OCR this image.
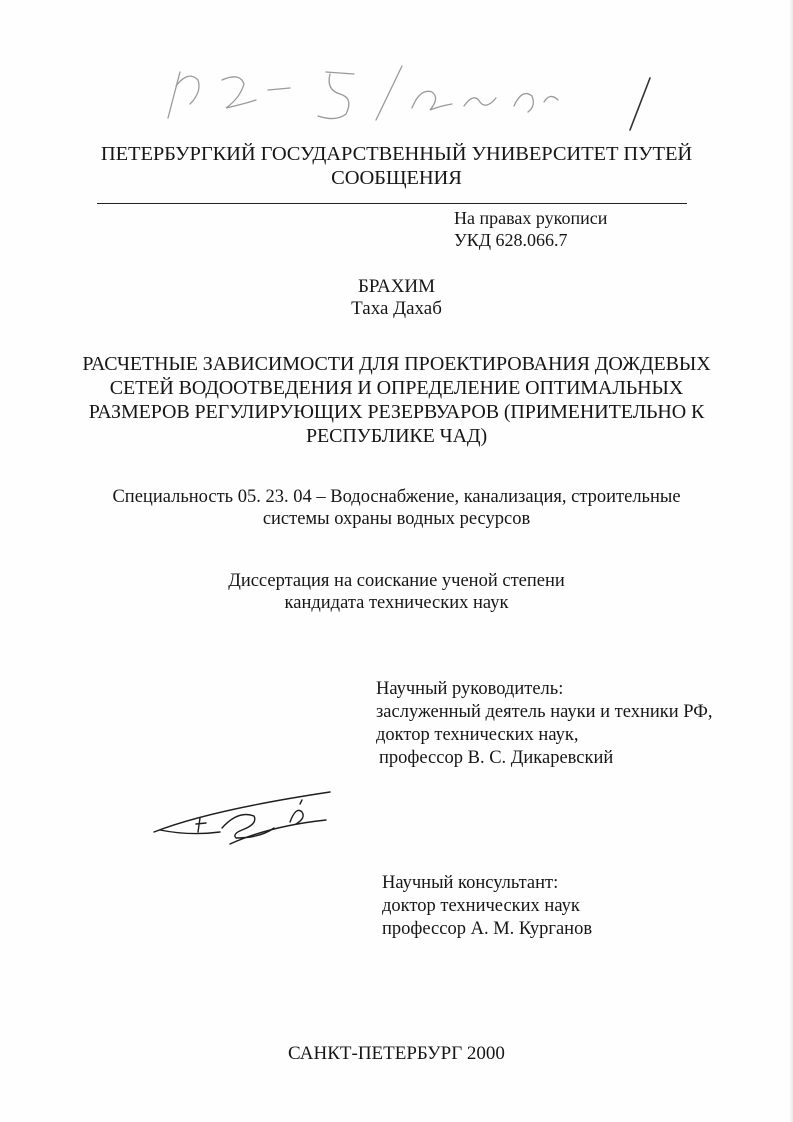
ПЕТЕРБУРГКИЙ ГОСУДАРСТВЕННЫЙ УНИВЕРСИТЕТ ПУТЕЙ
СООБЩЕНИЯ
На правах рукописи
УКД 628.066.7
БРАХИМ
Таха Дахаб
РАСЧЕТНЫЕ ЗАВИСИМОСТИ ДЛЯ ПРОЕКТИРОВАНИЯ ДОЖДЕВЫХ
СЕТЕЙ ВОДООТВЕДЕНИЯ И ОПРЕДЕЛЕНИЕ ОПТИМАЛЬНЫХ
РАЗМЕРОВ РЕГУЛИРУЮЩИХ РЕЗЕРВУАРОВ (ПРИМЕНИТЕЛЬНО К
РЕСПУБЛИКЕ ЧАД)
Специальность 05. 23. 04 – Водоснабжение, канализация, строительные
системы охраны водных ресурсов
Диссертация на соискание ученой степени
кандидата технических наук
Научный руководитель:
заслуженный деятель науки и техники РФ,
доктор технических наук,
профессор В. С. Дикаревский
Научный консультант:
доктор технических наук
профессор А. М. Курганов
САНКТ-ПЕТЕРБУРГ 2000
